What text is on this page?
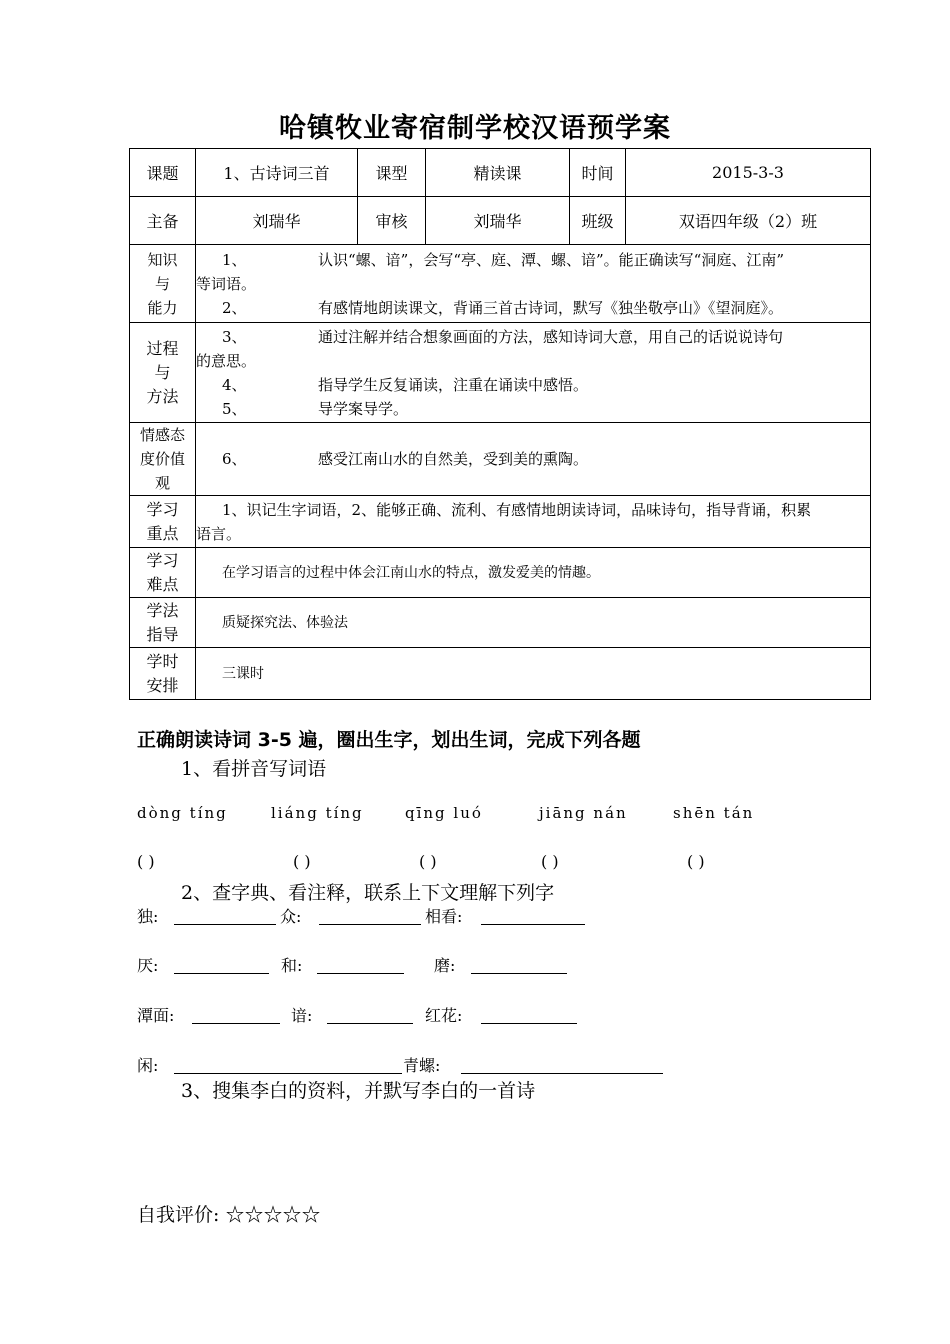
哈镇牧业寄宿制学校汉语预学案
课题	1、古诗词三首	课型	精读课	时间	2015-3-3
主备	刘瑞华	审核	刘瑞华	班级	双语四年级（2）班

知识
与
能力	1、 认识“螺、谙”，会写“亭、庭、潭、螺、谙”。能正确读写“洞庭、江南”
等词语。
2、 有感情地朗读课文，背诵三首古诗词，默写《独坐敬亭山》《望洞庭》。				

过程
与
方法	3、 通过注解并结合想象画面的方法，感知诗词大意，用自己的话说说诗句
的意思。
4、 指导学生反复诵读，注重在诵读中感悟。
5、 导学案导学。				

情感态
度价值
观	6、 感受江南山水的自然美，受到美的熏陶。				

学习
重点	1、识记生字词语，2、能够正确、流利、有感情地朗读诗词，品味诗句，指导背诵，积累
语言。				

学习
难点	在学习语言的过程中体会江南山水的特点，激发爱美的情趣。				

学法
指导	质疑探究法、体验法				

学时
安排	三课时				
正确朗读诗词 3-5 遍，圈出生字，划出生词，完成下列各题
1、看拼音写词语
dòng tíng	liáng tíng	qīng luó	jiāng nán	shēn tán
( )	( )	( )	( )	( )
2、查字典、看注释，联系上下文理解下列字
独:	众:	相看:
厌:	和:	磨:
潭面:	谙:	红花:
闲:	青螺:
3、搜集李白的资料，并默写李白的一首诗
自我评价: ☆☆☆☆☆
